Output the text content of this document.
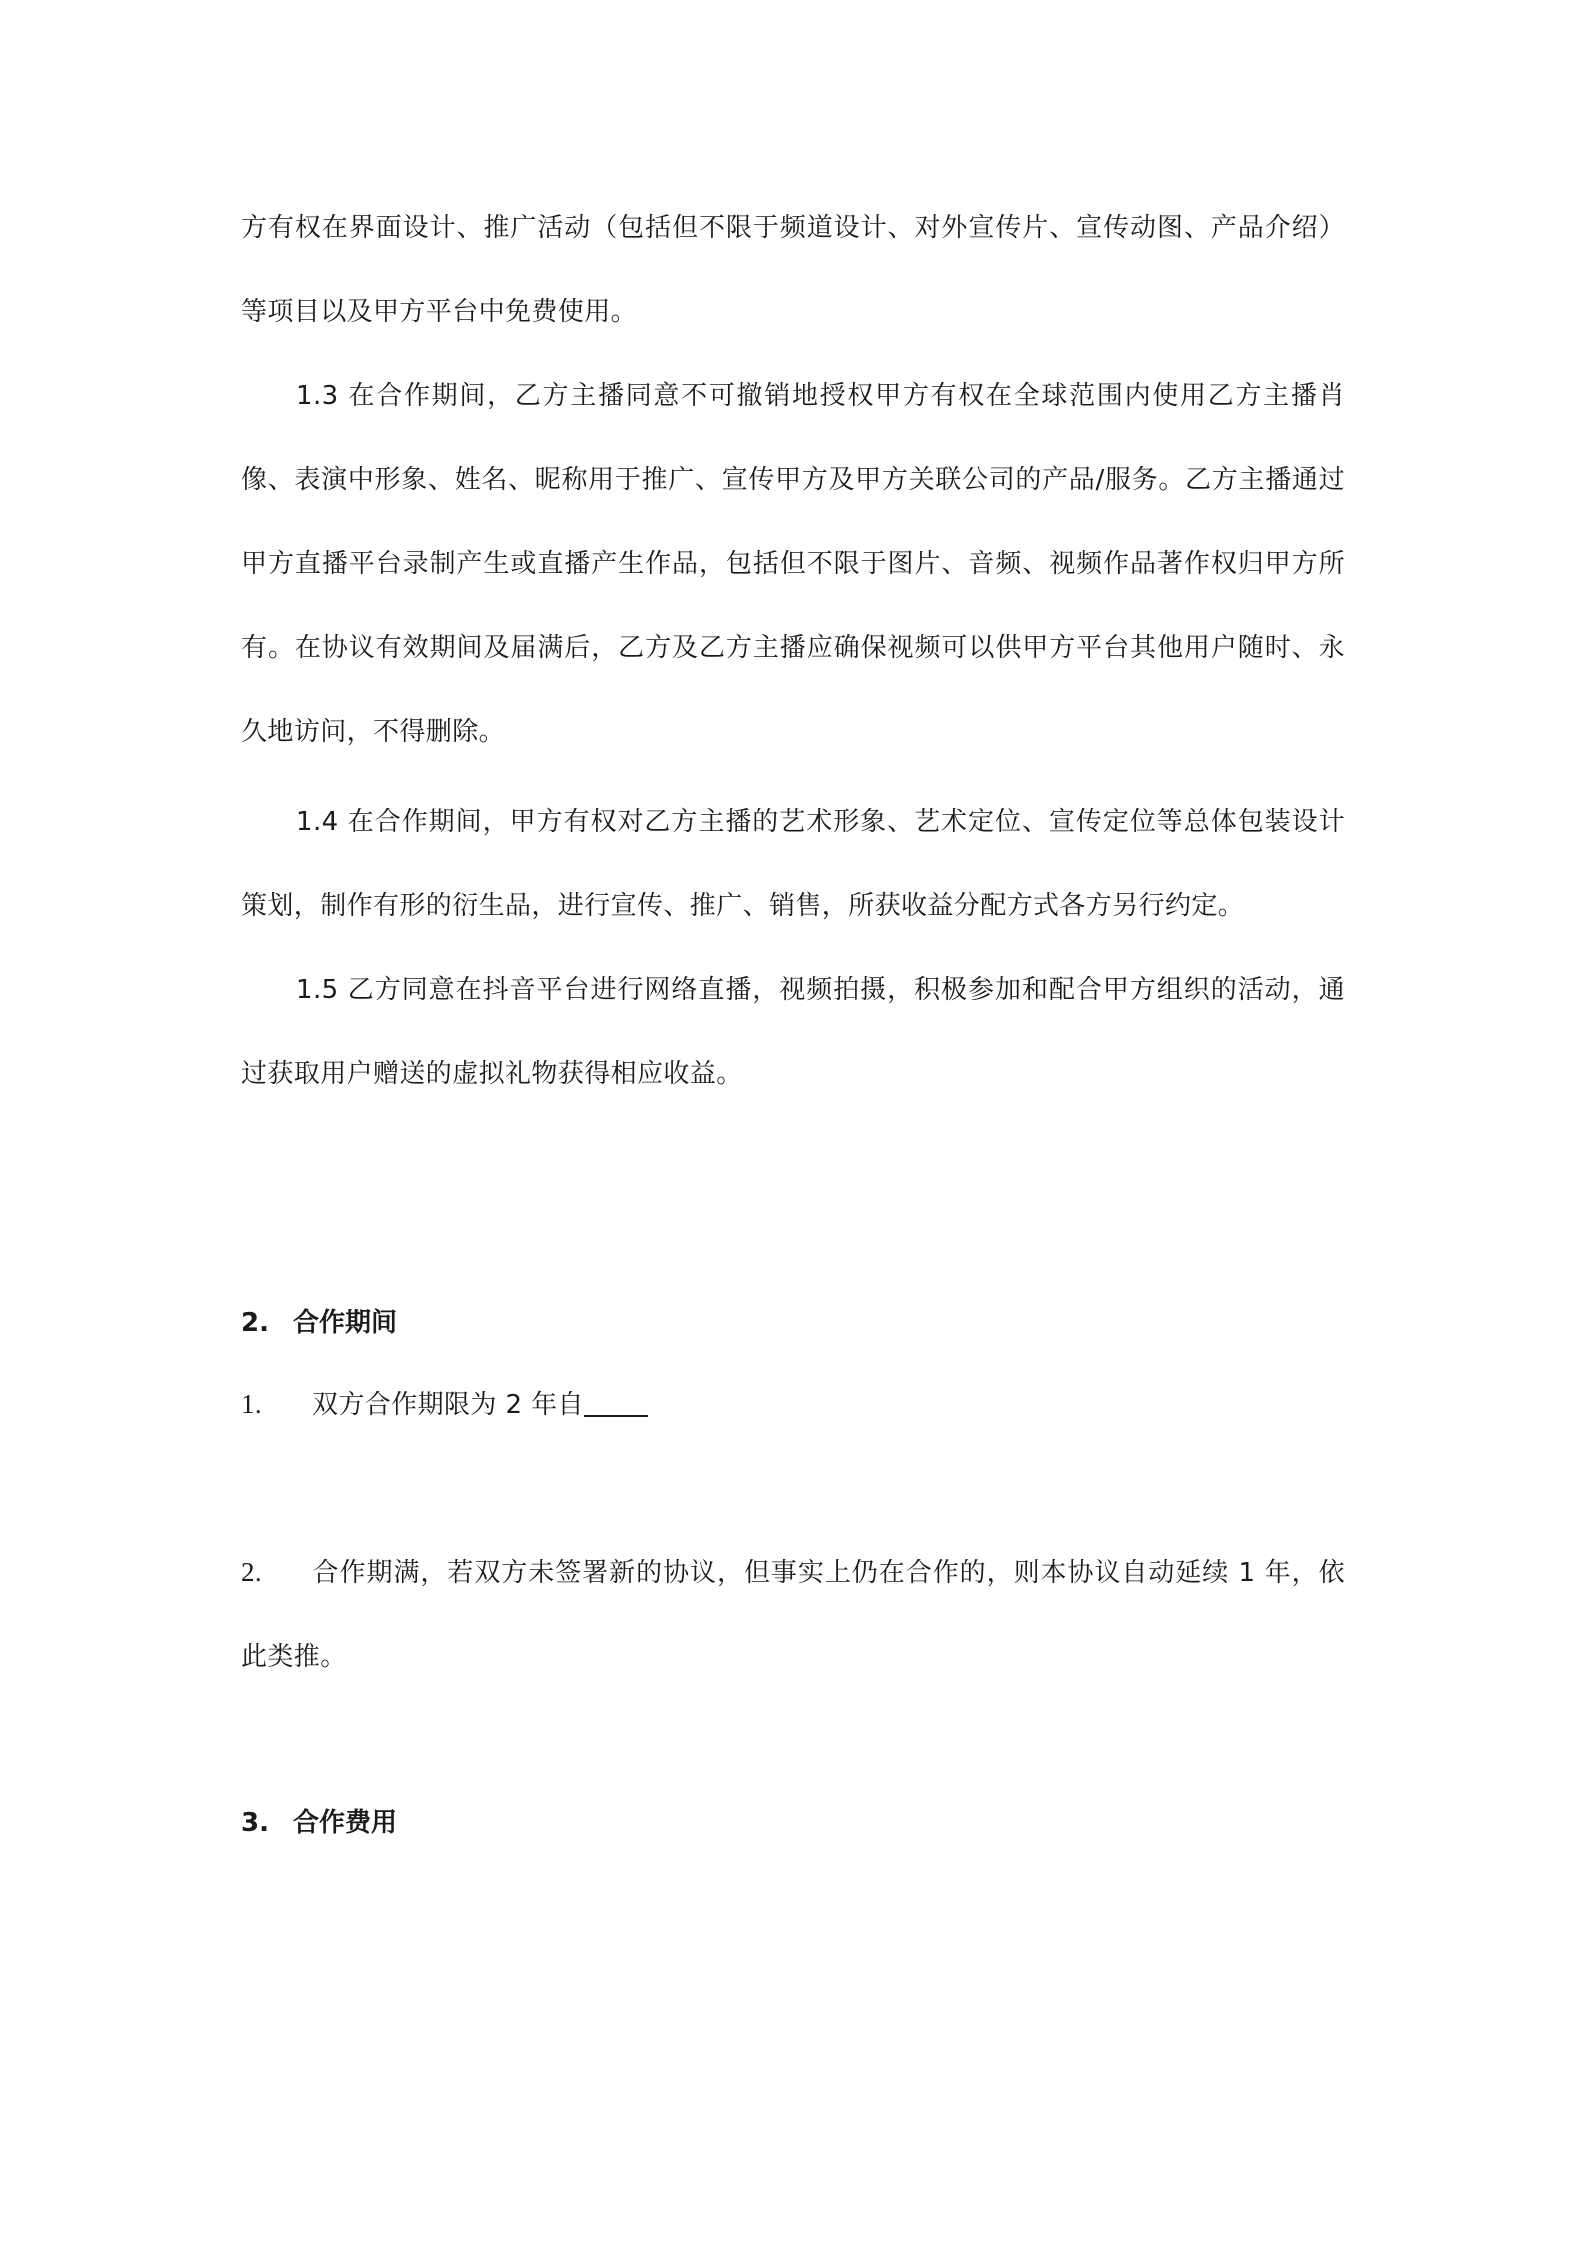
方有权在界面设计、推广活动（包括但不限于频道设计、对外宣传片、宣传动图、产品介绍）等项目以及甲方平台中免费使用。

1.3 在合作期间，乙方主播同意不可撤销地授权甲方有权在全球范围内使用乙方主播肖像、表演中形象、姓名、昵称用于推广、宣传甲方及甲方关联公司的产品/服务。乙方主播通过甲方直播平台录制产生或直播产生作品，包括但不限于图片、音频、视频作品著作权归甲方所有。在协议有效期间及届满后，乙方及乙方主播应确保视频可以供甲方平台其他用户随时、永久地访问，不得删除。

1.4 在合作期间，甲方有权对乙方主播的艺术形象、艺术定位、宣传定位等总体包装设计策划，制作有形的衍生品，进行宣传、推广、销售，所获收益分配方式各方另行约定。

1.5 乙方同意在抖音平台进行网络直播，视频拍摄，积极参加和配合甲方组织的活动，通过获取用户赠送的虚拟礼物获得相应收益。

2. 合作期间

1. 双方合作期限为 2 年自

2. 合作期满，若双方未签署新的协议，但事实上仍在合作的，则本协议自动延续 1 年，依此类推。

3. 合作费用
